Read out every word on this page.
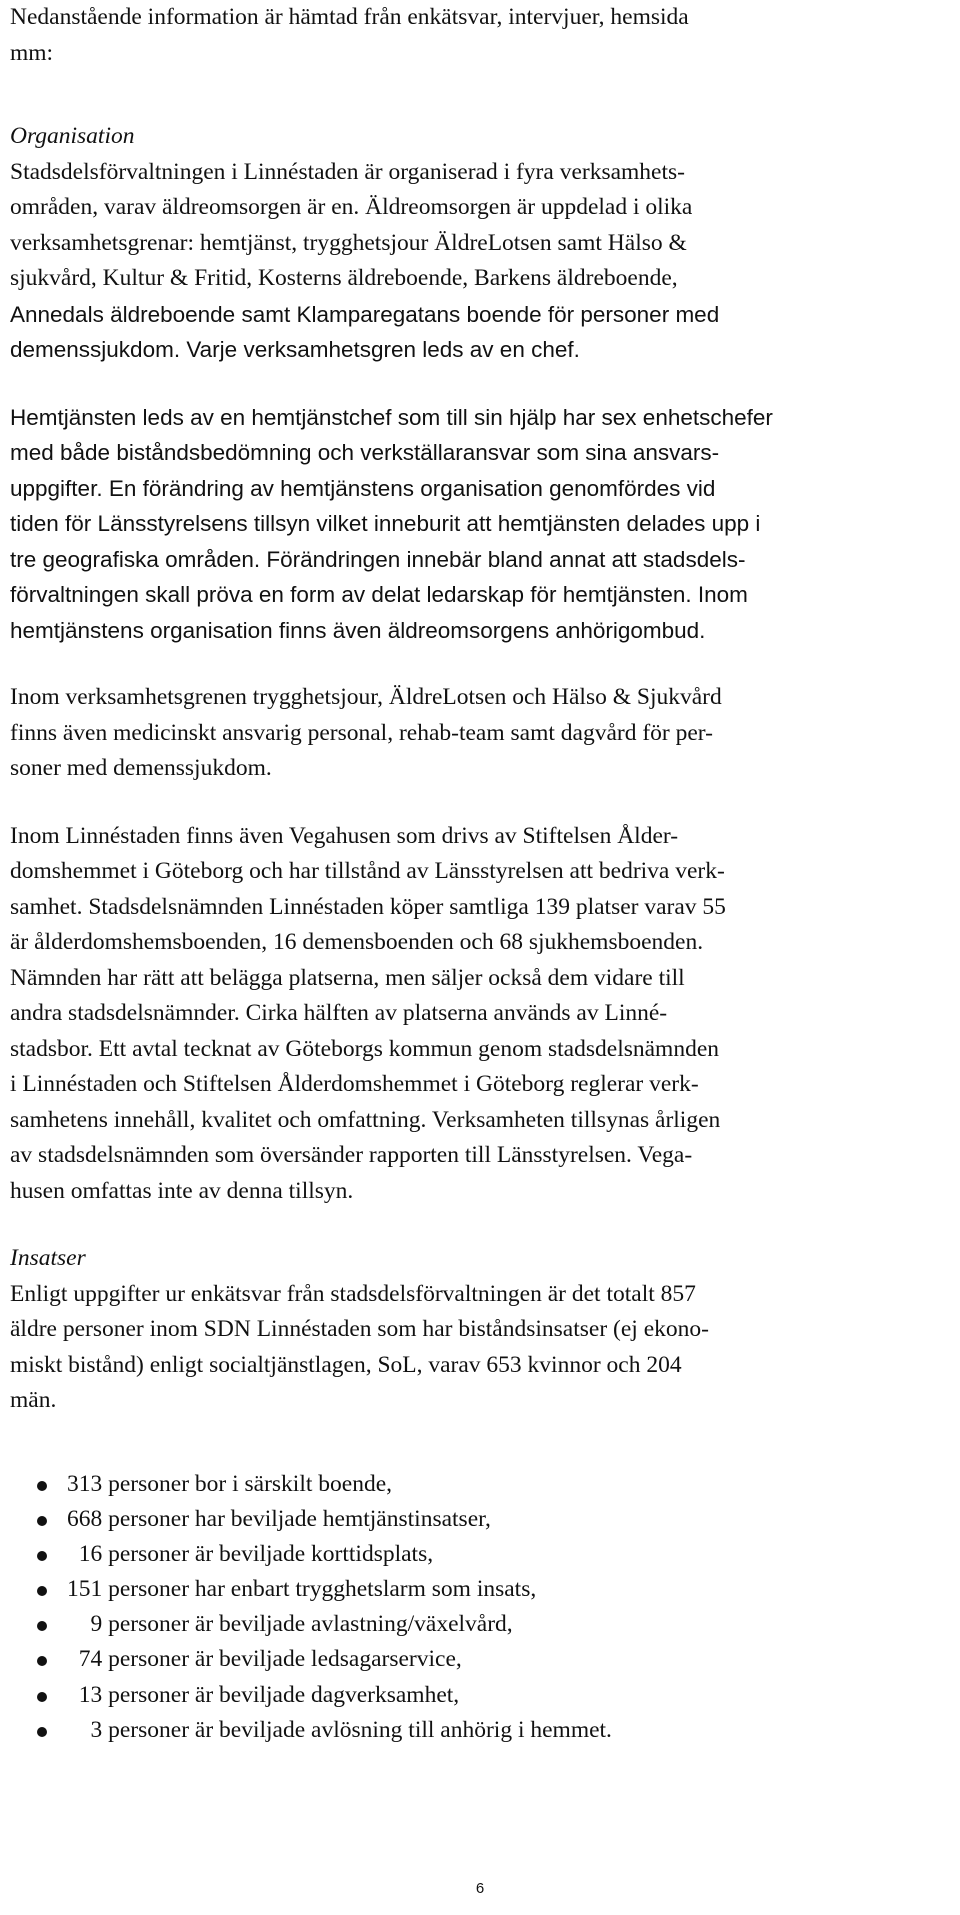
Nedanstående information är hämtad från enkätsvar, intervjuer, hemsida
mm:
Organisation
Stadsdelsförvaltningen i Linnéstaden är organiserad i fyra verksamhets-
områden, varav äldreomsorgen är en. Äldreomsorgen är uppdelad i olika
verksamhetsgrenar: hemtjänst, trygghetsjour ÄldreLotsen samt Hälso &
sjukvård, Kultur & Fritid, Kosterns äldreboende, Barkens äldreboende,
Annedals äldreboende samt Klamparegatans boende för personer med
demenssjukdom. Varje verksamhetsgren leds av en chef.
Hemtjänsten leds av en hemtjänstchef som till sin hjälp har sex enhetschefer
med både biståndsbedömning och verkställaransvar som sina ansvars-
uppgifter. En förändring av hemtjänstens organisation genomfördes vid
tiden för Länsstyrelsens tillsyn vilket inneburit att hemtjänsten delades upp i
tre geografiska områden. Förändringen innebär bland annat att stadsdels-
förvaltningen skall pröva en form av delat ledarskap för hemtjänsten. Inom
hemtjänstens organisation finns även äldreomsorgens anhörigombud.
Inom verksamhetsgrenen trygghetsjour, ÄldreLotsen och Hälso & Sjukvård
finns även medicinskt ansvarig personal, rehab-team samt dagvård för per-
soner med demenssjukdom.
Inom Linnéstaden finns även Vegahusen som drivs av Stiftelsen Ålder-
domshemmet i Göteborg och har tillstånd av Länsstyrelsen att bedriva verk-
samhet. Stadsdelsnämnden Linnéstaden köper samtliga 139 platser varav 55
är ålderdomshemsboenden, 16 demensboenden och 68 sjukhemsboenden.
Nämnden har rätt att belägga platserna, men säljer också dem vidare till
andra stadsdelsnämnder. Cirka hälften av platserna används av Linné-
stadsbor. Ett avtal tecknat av Göteborgs kommun genom stadsdelsnämnden
i Linnéstaden och Stiftelsen Ålderdomshemmet i Göteborg reglerar verk-
samhetens innehåll, kvalitet och omfattning. Verksamheten tillsynas årligen
av stadsdelsnämnden som översänder rapporten till Länsstyrelsen. Vega-
husen omfattas inte av denna tillsyn.
Insatser
Enligt uppgifter ur enkätsvar från stadsdelsförvaltningen är det totalt 857
äldre personer inom SDN Linnéstaden som har biståndsinsatser (ej ekono-
miskt bistånd) enligt socialtjänstlagen, SoL, varav 653 kvinnor och 204
män.
313 personer bor i särskilt boende,
668 personer har beviljade hemtjänstinsatser,
16 personer är beviljade korttidsplats,
151 personer har enbart trygghetslarm som insats,
9 personer är beviljade avlastning/växelvård,
74 personer är beviljade ledsagarservice,
13 personer är beviljade dagverksamhet,
3 personer är beviljade avlösning till anhörig i hemmet.
6
